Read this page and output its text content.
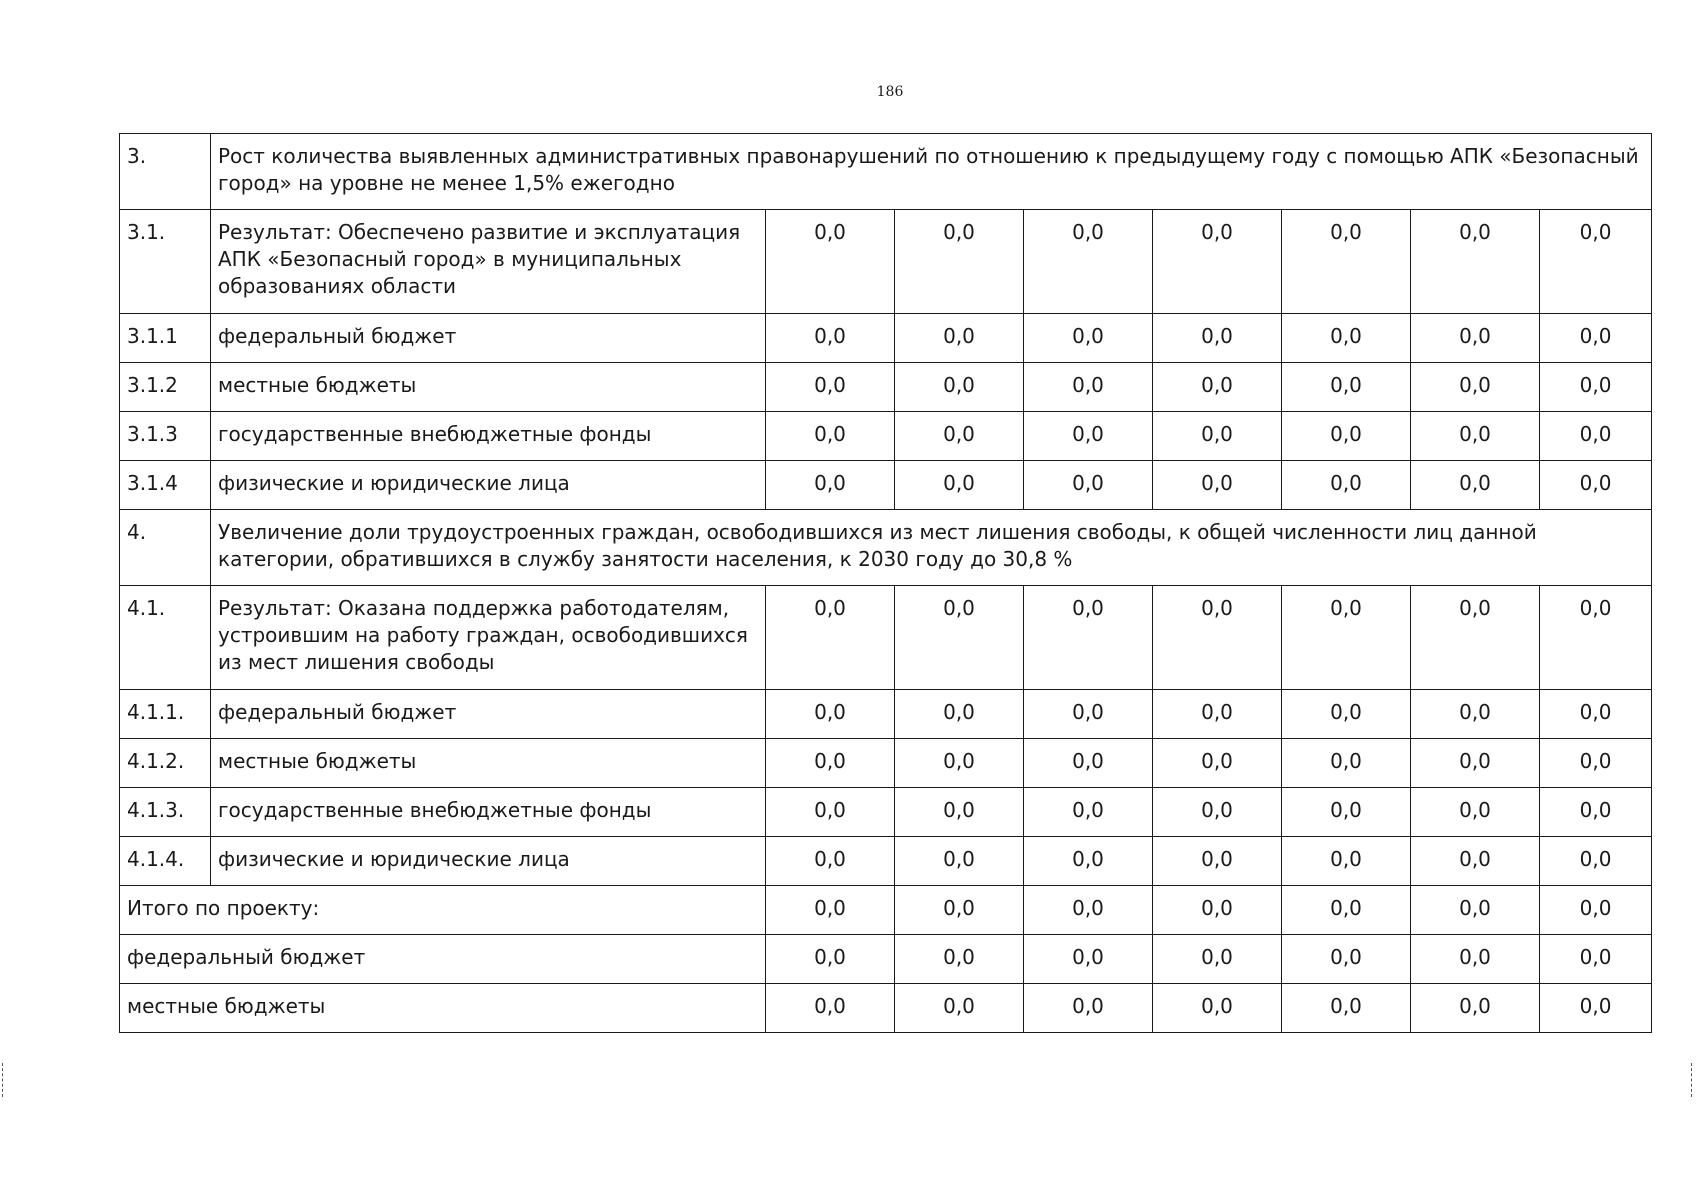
186
3.	Рост количества выявленных административных правонарушений по отношению к предыдущему году с помощью АПК «Безопасный город» на уровне не менее 1,5% ежегодно							
3.1.	Результат: Обеспечено развитие и эксплуатация АПК «Безопасный город» в муниципальных образованиях области	0,0	0,0	0,0	0,0	0,0	0,0	0,0
3.1.1	федеральный бюджет	0,0	0,0	0,0	0,0	0,0	0,0	0,0
3.1.2	местные бюджеты	0,0	0,0	0,0	0,0	0,0	0,0	0,0
3.1.3	государственные внебюджетные фонды	0,0	0,0	0,0	0,0	0,0	0,0	0,0
3.1.4	физические и юридические лица	0,0	0,0	0,0	0,0	0,0	0,0	0,0
4.	Увеличение доли трудоустроенных граждан, освободившихся из мест лишения свободы, к общей численности лиц данной категории, обратившихся в службу занятости населения, к 2030 году до 30,8 %							
4.1.	Результат: Оказана поддержка работодателям, устроившим на работу граждан, освободившихся из мест лишения свободы	0,0	0,0	0,0	0,0	0,0	0,0	0,0
4.1.1.	федеральный бюджет	0,0	0,0	0,0	0,0	0,0	0,0	0,0
4.1.2.	местные бюджеты	0,0	0,0	0,0	0,0	0,0	0,0	0,0
4.1.3.	государственные внебюджетные фонды	0,0	0,0	0,0	0,0	0,0	0,0	0,0
4.1.4.	физические и юридические лица	0,0	0,0	0,0	0,0	0,0	0,0	0,0
Итого по проекту:		0,0	0,0	0,0	0,0	0,0	0,0	0,0
федеральный бюджет		0,0	0,0	0,0	0,0	0,0	0,0	0,0
местные бюджеты		0,0	0,0	0,0	0,0	0,0	0,0	0,0
